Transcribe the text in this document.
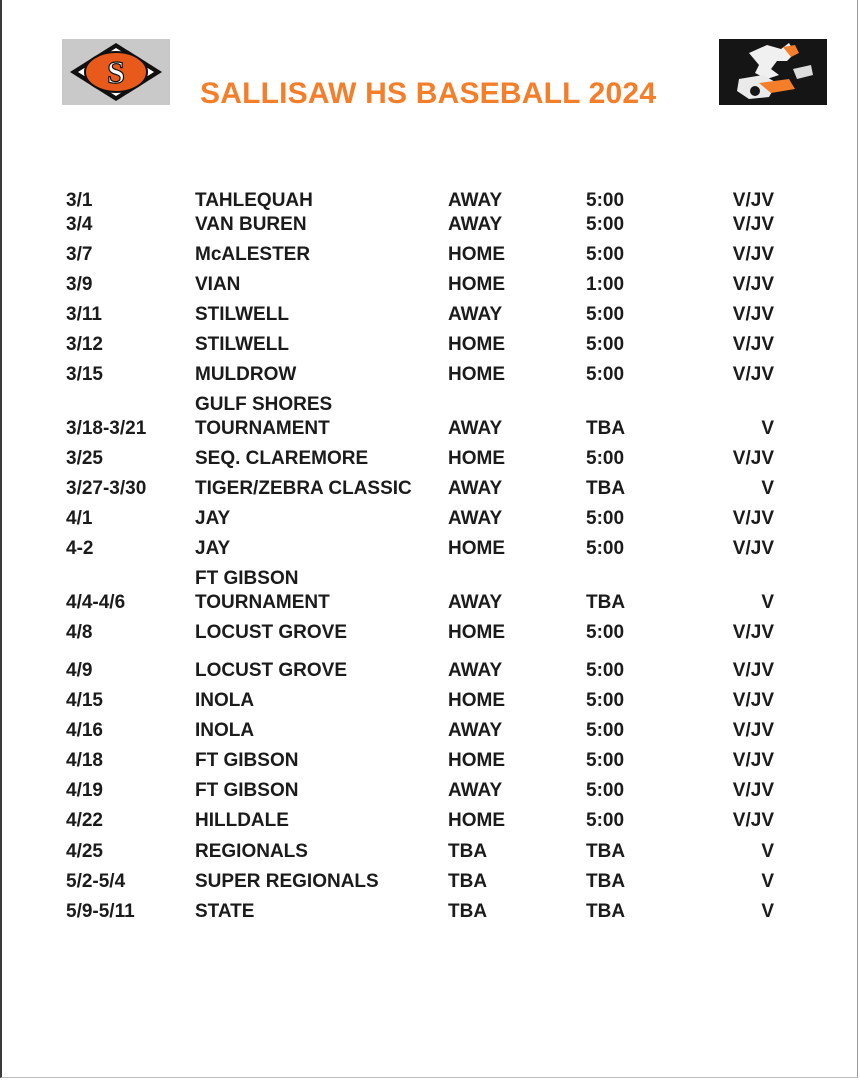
S
SALLISAW HS BASEBALL 2024
3/1	TAHLEQUAH	AWAY	5:00	V/JV
3/4	VAN BUREN	AWAY	5:00	V/JV
3/7	McALESTER	HOME	5:00	V/JV
3/9	VIAN	HOME	1:00	V/JV
3/11	STILWELL	AWAY	5:00	V/JV
3/12	STILWELL	HOME	5:00	V/JV
3/15	MULDROW	HOME	5:00	V/JV
GULF SHORES
3/18-3/21	TOURNAMENT	AWAY	TBA	V
3/25	SEQ. CLAREMORE	HOME	5:00	V/JV
3/27-3/30	TIGER/ZEBRA CLASSIC AWAY	TBA	V
4/1	JAY	AWAY	5:00	V/JV
4-2	JAY	HOME	5:00	V/JV
FT GIBSON
4/4-4/6	TOURNAMENT	AWAY	TBA	V
4/8	LOCUST GROVE	HOME	5:00	V/JV
4/9	LOCUST GROVE	AWAY	5:00	V/JV
4/15	INOLA	HOME	5:00	V/JV
4/16	INOLA	AWAY	5:00	V/JV
4/18	FT GIBSON	HOME	5:00	V/JV
4/19	FT GIBSON	AWAY	5:00	V/JV
4/22	HILLDALE	HOME	5:00	V/JV
4/25	REGIONALS	TBA	TBA	V
5/2-5/4	SUPER REGIONALS	TBA	TBA	V
5/9-5/11	STATE	TBA	TBA	V
